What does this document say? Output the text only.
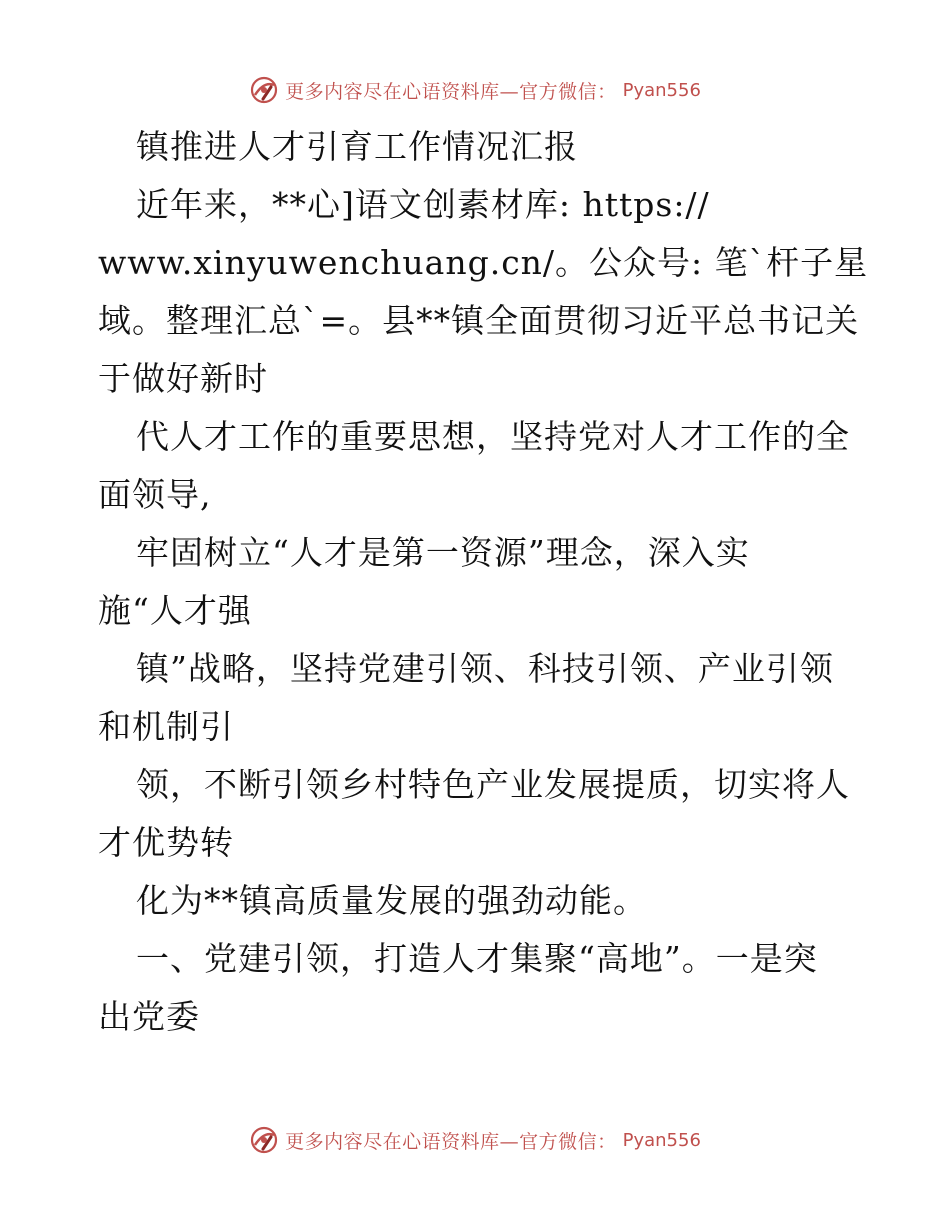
更多内容尽在心语资料库—官方微信： Pyan556
镇推进人才引育工作情况汇报
近年来，**心]语文创素材库: https://
www.xinyuwenchuang.cn/。公众号: 笔`杆子星
域。整理汇总`=。县**镇全面贯彻习近平总书记关
于做好新时
代人才工作的重要思想，坚持党对人才工作的全
面领导,
牢固树立“人才是第一资源”理念，深入实
施“人才强
镇”战略，坚持党建引领、科技引领、产业引领
和机制引
领，不断引领乡村特色产业发展提质，切实将人
才优势转
化为**镇高质量发展的强劲动能。
一、党建引领，打造人才集聚“高地”。一是突
出党委
更多内容尽在心语资料库—官方微信： Pyan556
